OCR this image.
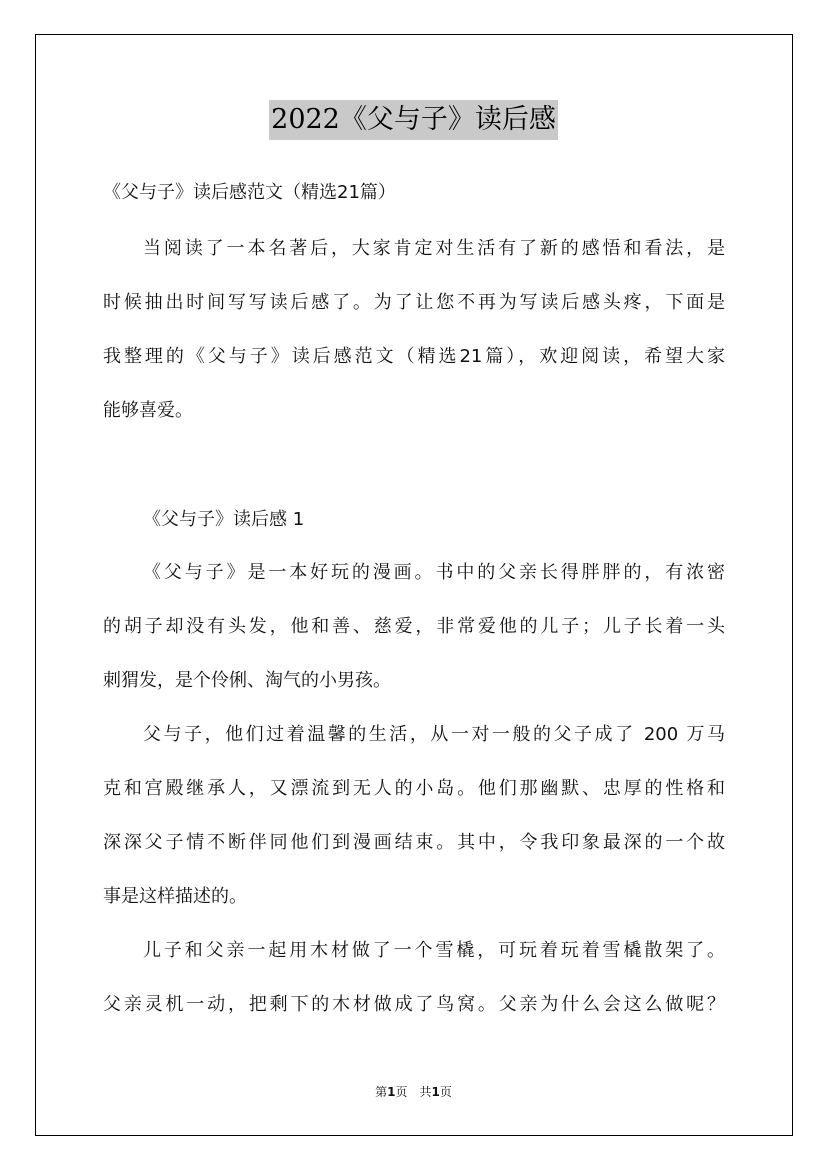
2022《父与子》读后感
《父与子》读后感范文（精选21篇）
当阅读了一本名著后，大家肯定对生活有了新的感悟和看法，是
时候抽出时间写写读后感了。为了让您不再为写读后感头疼，下面是
我整理的《父与子》读后感范文（精选21篇），欢迎阅读，希望大家
能够喜爱。
《父与子》读后感 1
《父与子》是一本好玩的漫画。书中的父亲长得胖胖的，有浓密
的胡子却没有头发，他和善、慈爱，非常爱他的儿子；儿子长着一头
刺猬发，是个伶俐、淘气的小男孩。
父与子，他们过着温馨的生活，从一对一般的父子成了 200 万马
克和宫殿继承人，又漂流到无人的小岛。他们那幽默、忠厚的性格和
深深父子情不断伴同他们到漫画结束。其中，令我印象最深的一个故
事是这样描述的。
儿子和父亲一起用木材做了一个雪橇，可玩着玩着雪橇散架了。
父亲灵机一动，把剩下的木材做成了鸟窝。父亲为什么会这么做呢？
第1页　共1页
